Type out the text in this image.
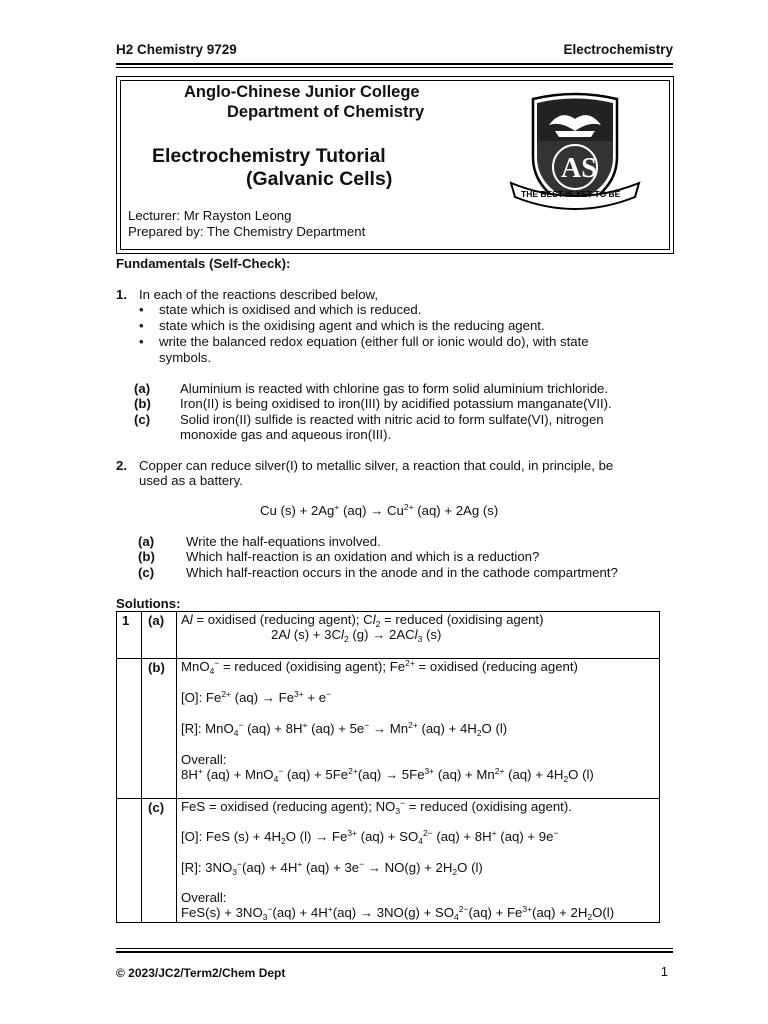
H2 Chemistry 9729	Electrochemistry
Anglo-Chinese Junior College
Department of Chemistry
Electrochemistry Tutorial
(Galvanic Cells)
Lecturer: Mr Rayston Leong
Prepared by: The Chemistry Department
AS
THE BEST IS YET TO BE
Fundamentals (Self-Check):
1. In each of the reactions described below,
• state which is oxidised and which is reduced.
• state which is the oxidising agent and which is the reducing agent.
• write the balanced redox equation (either full or ionic would do), with state
symbols.
(a) Aluminium is reacted with chlorine gas to form solid aluminium trichloride.
(b) Iron(II) is being oxidised to iron(III) by acidified potassium manganate(VII).
(c) Solid iron(II) sulfide is reacted with nitric acid to form sulfate(VI), nitrogen
monoxide gas and aqueous iron(III).
2. Copper can reduce silver(I) to metallic silver, a reaction that could, in principle, be
used as a battery.
Cu (s) + 2Ag+ $(aq) \to Cu^{2+}$ (aq) + 2Ag (s)
(a) Write the half-equations involved.
(b) Which half-reaction is an oxidation and which is a reduction?
(c) Which half-reaction occurs in the anode and in the cathode compartment?
Solutions:
1	(a)	Al = oxidised (reducing agent); $Cl_2$ = reduced (oxidising agent)
2Al $(s) + 3Cl_2$ (g) → 2ACl$_3$ (s)

	(b)	MnO$_4$− = reduced (oxidising agent); $Fe^{2+}$ = oxidised (reducing agent)
[O]: $Fe^{2+}$ $(aq) \to Fe^{3+} + e^-$
[R]: MnO$_4$− (aq) + 8H+ $(aq) + 5e^- \to Mn^{2+}$ $(aq) + 4H_2O$ (l)
Overall:
8H+ (aq) + MnO$_4$− $(aq) + 5Fe^{2+}(aq) \to 5Fe^{3+}$ $(aq) + Mn^{2+}$ $(aq) + 4H_2O$ (l)

	(c)	FeS = oxidised (reducing agent); $NO_3^-$ = reduced (oxidising agent).
[O]: FeS $(s) + 4H_2O$ $(l) \to Fe^{3+}$ $(aq) + SO_4^{2-}$ (aq) + 8H+ (aq) + 9e−
[R]: $3NO_3^-(aq) + 4H^+$ $(aq) + 3e^- \to NO(g) + 2H_2O$ (l)
Overall:
$FeS(s) + 3NO_3^-(aq) + 4H^+(aq) \to 3NO(g) + SO_4^{2-}(aq) + Fe^{3+}(aq) + 2H_2O(l)$
© 2023/JC2/Term2/Chem Dept	1
